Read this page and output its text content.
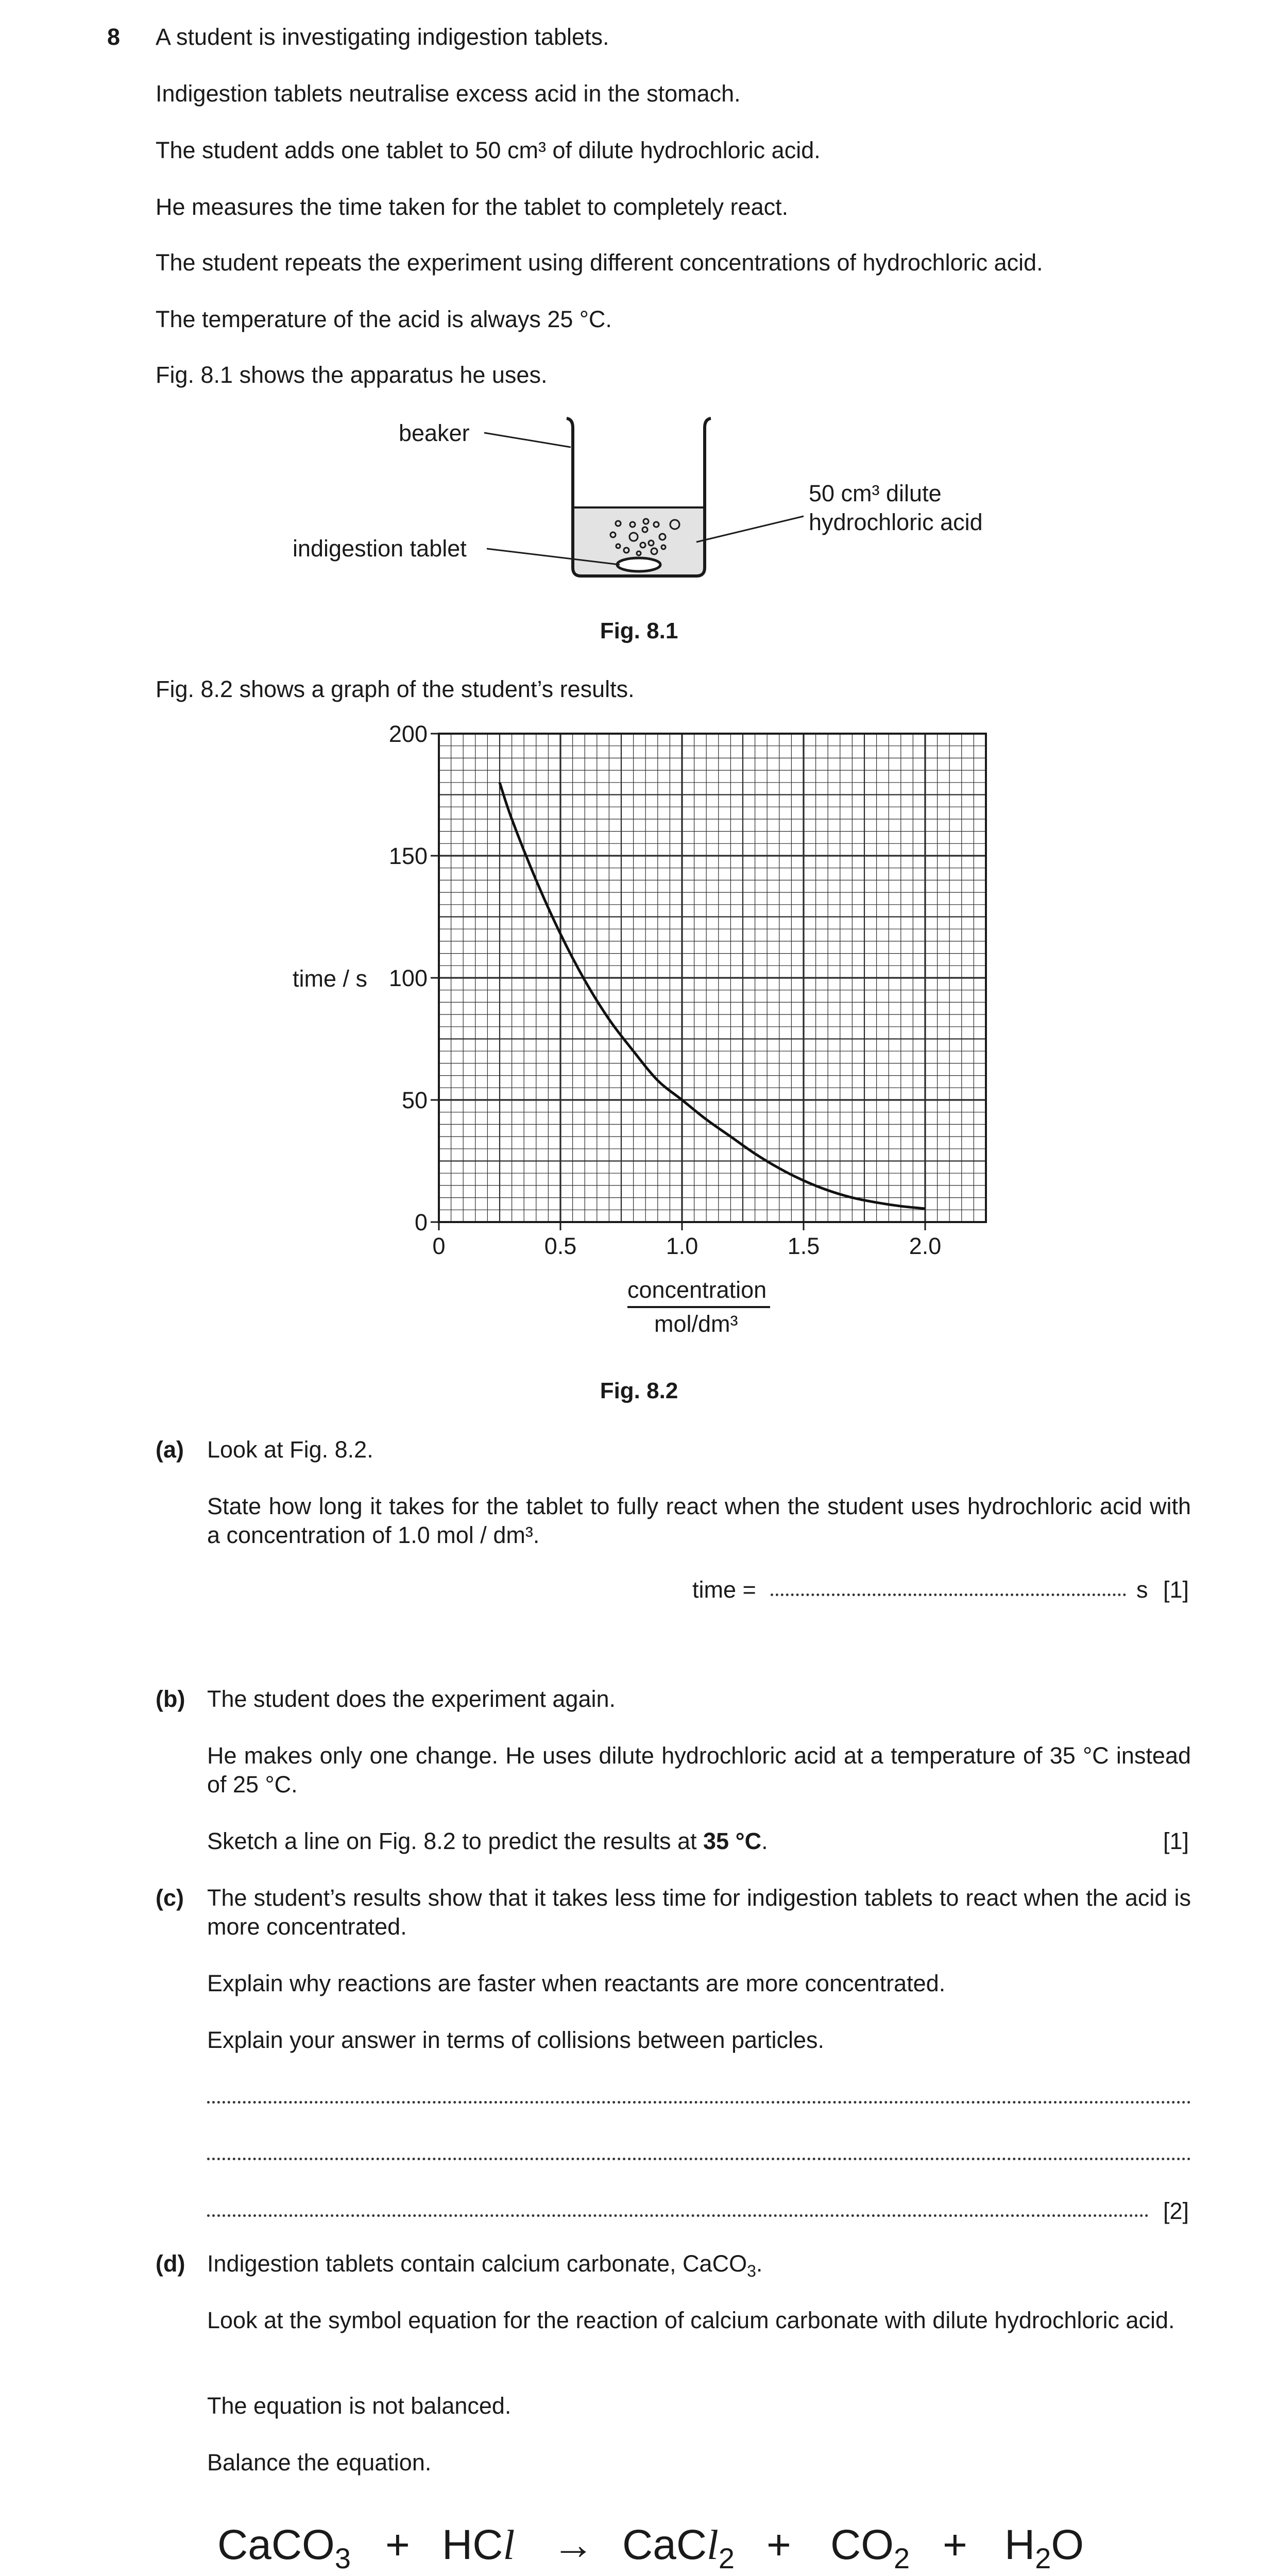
8 A student is investigating indigestion tablets.
Indigestion tablets neutralise excess acid in the stomach.
The student adds one tablet to 50 cm³ of dilute hydrochloric acid.
He measures the time taken for the tablet to completely react.
The student repeats the experiment using different concentrations of hydrochloric acid.
The temperature of the acid is always 25 °C.
Fig. 8.1 shows the apparatus he uses.
beaker
indigestion tablet
50 cm³ dilute
hydrochloric acid
Fig. 8.1
Fig. 8.2 shows a graph of the student’s results.
0	0.5	1.0	1.5	2.0
0
50
100
150
200
time / s
concentration
mol/dm³
Fig. 8.2
(a) Look at Fig. 8.2.
State how long it takes for the tablet to fully react when the student uses hydrochloric acid with a concentration of 1.0 mol / dm³.
time =	s [1]
(b) The student does the experiment again.
He makes only one change. He uses dilute hydrochloric acid at a temperature of 35 °C instead of 25 °C.
Sketch a line on Fig. 8.2 to predict the results at 35 °C.	[1]
(c) The student’s results show that it takes less time for indigestion tablets to react when the acid is more concentrated.
Explain why reactions are faster when reactants are more concentrated.
Explain your answer in terms of collisions between particles.
[2]
(d) Indigestion tablets contain calcium carbonate, CaCO$_3$.
Look at the symbol equation for the reaction of calcium carbonate with dilute hydrochloric acid.
The equation is not balanced.
Balance the equation.
CaCO$_3$ + HCl → CaCl$_2$ + $CO_2 + H_2O$
